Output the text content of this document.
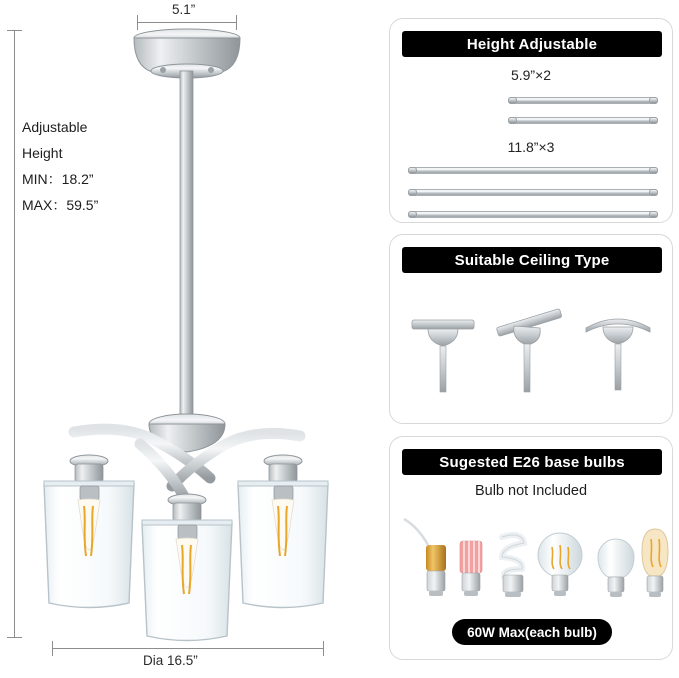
5.1”
Adjustable
Height
MIN：18.2”
MAX：59.5”
Dia 16.5”
Height Adjustable
5.9”×2
11.8”×3
Suitable Ceiling Type
Sugested E26 base bulbs
Bulb not Included
60W Max(each bulb)
